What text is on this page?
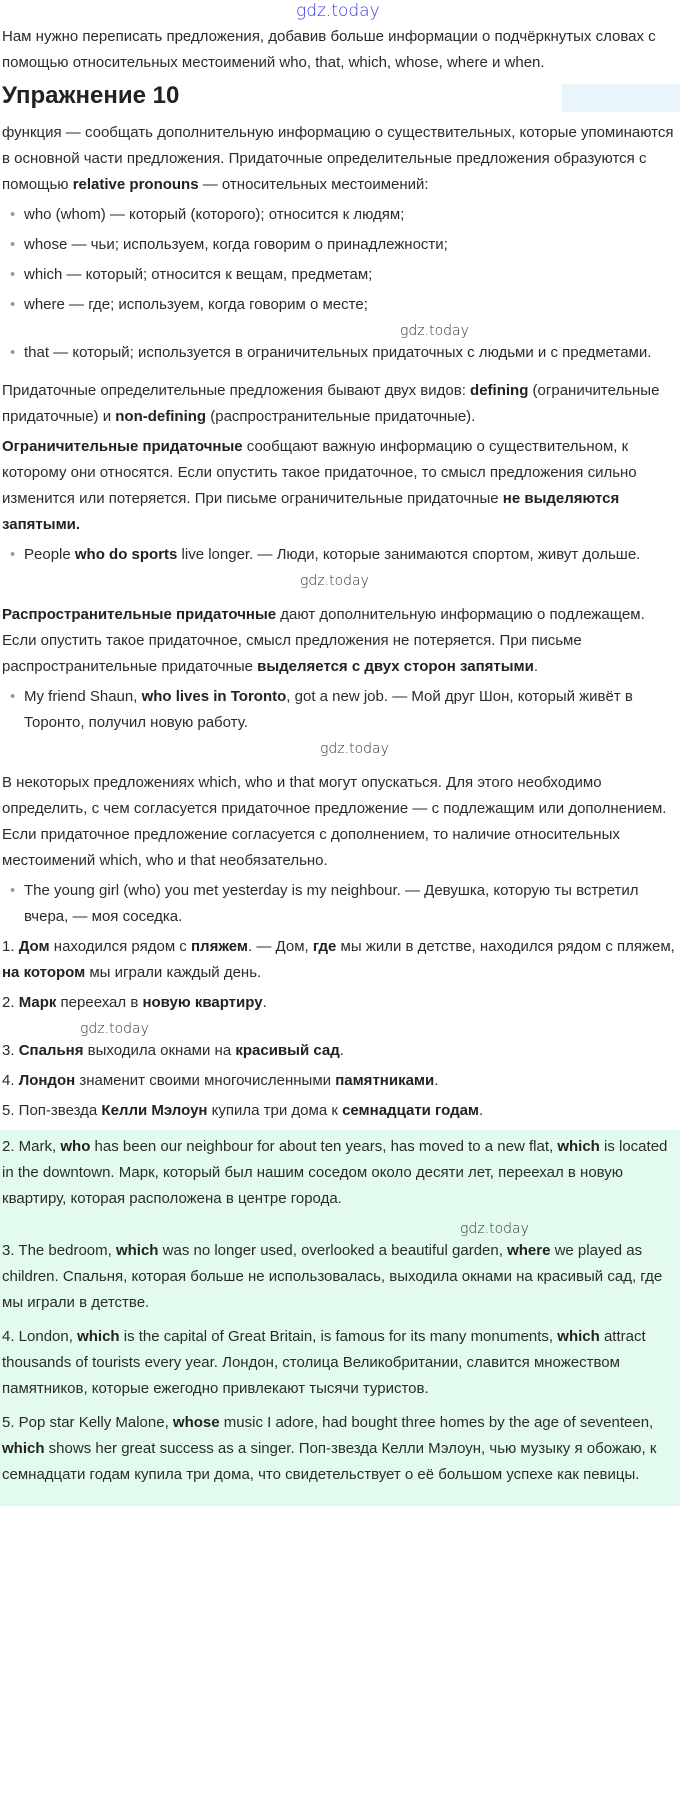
gdz.today
Нам нужно переписать предложения, добавив больше информации о подчёркнутых словах с помощью относительных местоимений who, that, which, whose, where и when.
Упражнение 10
функция — сообщать дополнительную информацию о существительных, которые упоминаются в основной части предложения. Придаточные определительные предложения образуются с помощью relative pronouns — относительных местоимений:
• who (whom) — который (которого); относится к людям;
• whose — чьи; используем, когда говорим о принадлежности;
• which — который; относится к вещам, предметам;
• where — где; используем, когда говорим о месте;
gdz.today
• that — который; используется в ограничительных придаточных с людьми и с предметами.
Придаточные определительные предложения бывают двух видов: defining (ограничительные придаточные) и non-defining (распространительные придаточные).
Ограничительные придаточные сообщают важную информацию о существительном, к которому они относятся. Если опустить такое придаточное, то смысл предложения сильно изменится или потеряется. При письме ограничительные придаточные не выделяются запятыми.
• People who do sports live longer. — Люди, которые занимаются спортом, живут дольше.
gdz.today
Распространительные придаточные дают дополнительную информацию о подлежащем. Если опустить такое придаточное, смысл предложения не потеряется. При письме распространительные придаточные выделяется с двух сторон запятыми.
• My friend Shaun, who lives in Toronto, got a new job. — Мой друг Шон, который живёт в Торонто, получил новую работу.
gdz.today
В некоторых предложениях which, who и that могут опускаться. Для этого необходимо определить, с чем согласуется придаточное предложение — с подлежащим или дополнением. Если придаточное предложение согласуется с дополнением, то наличие относительных местоимений which, who и that необязательно.
• The young girl (who) you met yesterday is my neighbour. — Девушка, которую ты встретил вчера, — моя соседка.
1. Дом находился рядом с пляжем. — Дом, где мы жили в детстве, находился рядом с пляжем, на котором мы играли каждый день.
2. Марк переехал в новую квартиру.
gdz.today
3. Спальня выходила окнами на красивый сад.
4. Лондон знаменит своими многочисленными памятниками.
5. Поп-звезда Келли Мэлоун купила три дома к семнадцати годам.
2. Mark, who has been our neighbour for about ten years, has moved to a new flat, which is located in the downtown. Марк, который был нашим соседом около десяти лет, переехал в новую квартиру, которая расположена в центре города.
gdz.today
3. The bedroom, which was no longer used, overlooked a beautiful garden, where we played as children. Спальня, которая больше не использовалась, выходила окнами на красивый сад, где мы играли в детстве.
4. London, which is the capital of Great Britain, is famous for its many monuments, which attract thousands of tourists every year. Лондон, столица Великобритании, славится множеством памятников, которые ежегодно привлекают тысячи туристов.
5. Pop star Kelly Malone, whose music I adore, had bought three homes by the age of seventeen, which shows her great success as a singer. Поп-звезда Келли Мэлоун, чью музыку я обожаю, к семнадцати годам купила три дома, что свидетельствует о её большом успехе как певицы.
